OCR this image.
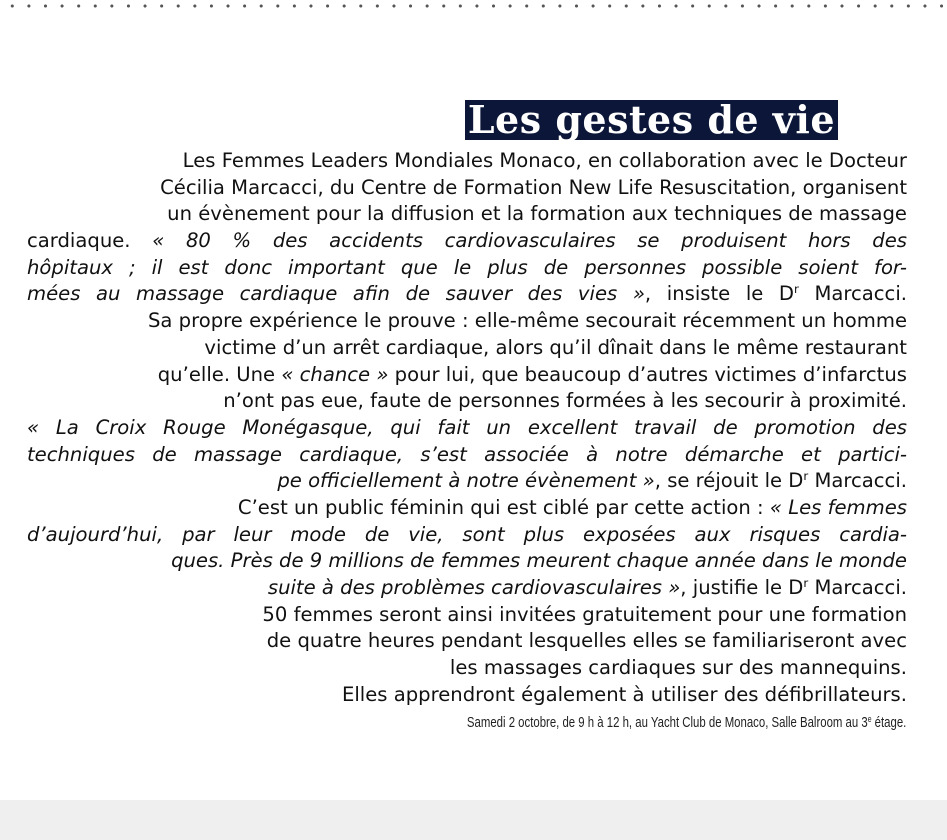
Les gestes de vie
Les Femmes Leaders Mondiales Monaco, en collaboration avec le Docteur
Cécilia Marcacci, du Centre de Formation New Life Resuscitation, organisent
un évènement pour la diffusion et la formation aux techniques de massage
cardiaque. « 80 % des accidents cardiovasculaires se produisent hors des
hôpitaux ; il est donc important que le plus de personnes possible soient for-
mées au massage cardiaque afin de sauver des vies », insiste le $D^r$ Marcacci.
Sa propre expérience le prouve : elle-même secourait récemment un homme
victime d’un arrêt cardiaque, alors qu’il dînait dans le même restaurant
qu’elle. Une « chance » pour lui, que beaucoup d’autres victimes d’infarctus
n’ont pas eue, faute de personnes formées à les secourir à proximité.
« La Croix Rouge Monégasque, qui fait un excellent travail de promotion des
techniques de massage cardiaque, s’est associée à notre démarche et partici-
pe officiellement à notre évènement », se réjouit le $D^r$ Marcacci.
C’est un public féminin qui est ciblé par cette action : « Les femmes
d’aujourd’hui, par leur mode de vie, sont plus exposées aux risques cardia-
ques. Près de 9 millions de femmes meurent chaque année dans le monde
suite à des problèmes cardiovasculaires », justifie le $D^r$ Marcacci.
50 femmes seront ainsi invitées gratuitement pour une formation
de quatre heures pendant lesquelles elles se familiariseront avec
les massages cardiaques sur des mannequins.
Elles apprendront également à utiliser des défibrillateurs.
Samedi 2 octobre, de 9 h à 12 h, au Yacht Club de Monaco, Salle Balroom au 3e étage.
